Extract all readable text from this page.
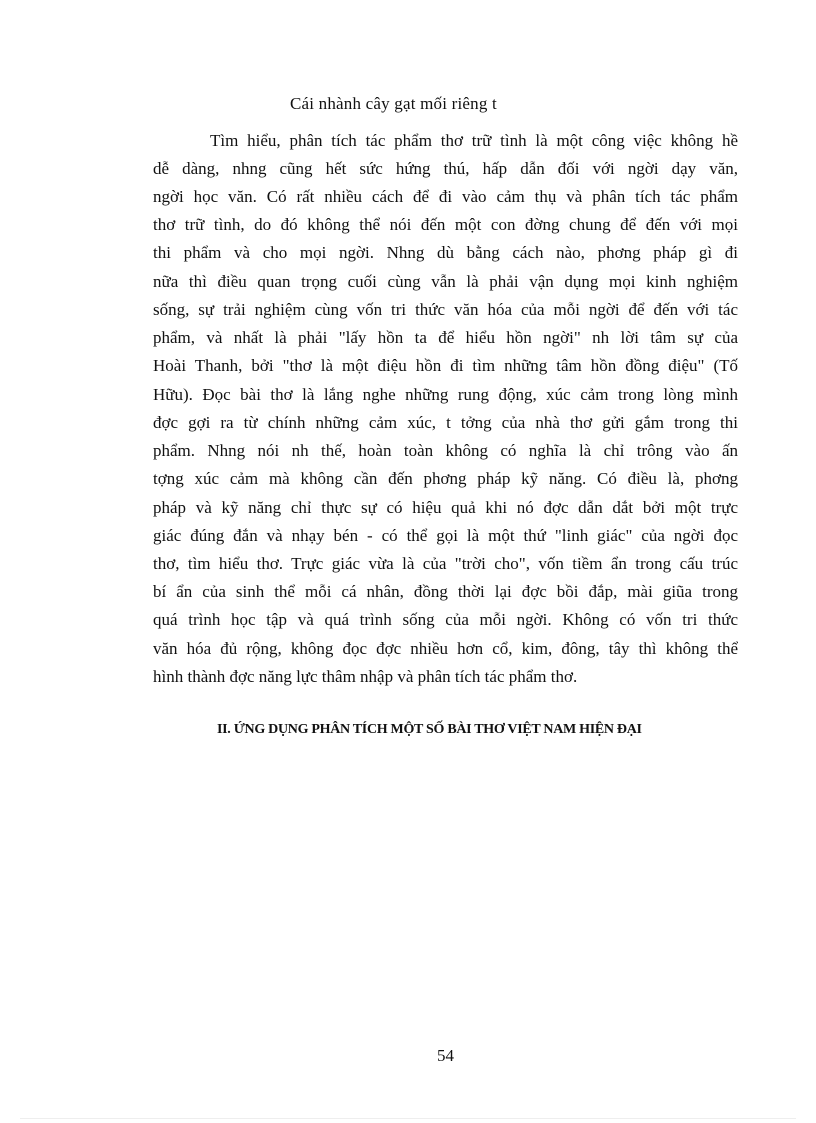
Cái nhành cây gạt mối riêng t
Tìm hiểu, phân tích tác phẩm thơ trữ tình là một công việc không hề
dễ dàng, nhng cũng hết sức hứng thú, hấp dẫn đối với ngời dạy văn,
ngời học văn. Có rất nhiều cách để đi vào cảm thụ và phân tích tác phẩm
thơ trữ tình, do đó không thể nói đến một con đờng chung để đến với mọi
thi phẩm và cho mọi ngời. Nhng dù bằng cách nào, phơng pháp gì đi
nữa thì điều quan trọng cuối cùng vẫn là phải vận dụng mọi kinh nghiệm
sống, sự trải nghiệm cùng vốn tri thức văn hóa của mỗi ngời để đến với tác
phẩm, và nhất là phải "lấy hồn ta để hiểu hồn ngời" nh lời tâm sự của
Hoài Thanh, bởi "thơ là một điệu hồn đi tìm những tâm hồn đồng điệu" (Tố
Hữu). Đọc bài thơ là lắng nghe những rung động, xúc cảm trong lòng mình
đợc gợi ra từ chính những cảm xúc, t tởng của nhà thơ gửi gắm trong thi
phẩm. Nhng nói nh thế, hoàn toàn không có nghĩa là chỉ trông vào ấn
tợng xúc cảm mà không cần đến phơng pháp kỹ năng. Có điều là, phơng
pháp và kỹ năng chỉ thực sự có hiệu quả khi nó đợc dẫn dắt bởi một trực
giác đúng đắn và nhạy bén - có thể gọi là một thứ "linh giác" của ngời đọc
thơ, tìm hiểu thơ. Trực giác vừa là của "trời cho", vốn tiềm ẩn trong cấu trúc
bí ẩn của sinh thể mỗi cá nhân, đồng thời lại đợc bồi đắp, mài giũa trong
quá trình học tập và quá trình sống của mỗi ngời. Không có vốn tri thức
văn hóa đủ rộng, không đọc đợc nhiều hơn cổ, kim, đông, tây thì không thể
hình thành đợc năng lực thâm nhập và phân tích tác phẩm thơ.
II. ỨNG DỤNG PHÂN TÍCH MỘT SỐ BÀI THƠ VIỆT NAM HIỆN ĐẠI
54
